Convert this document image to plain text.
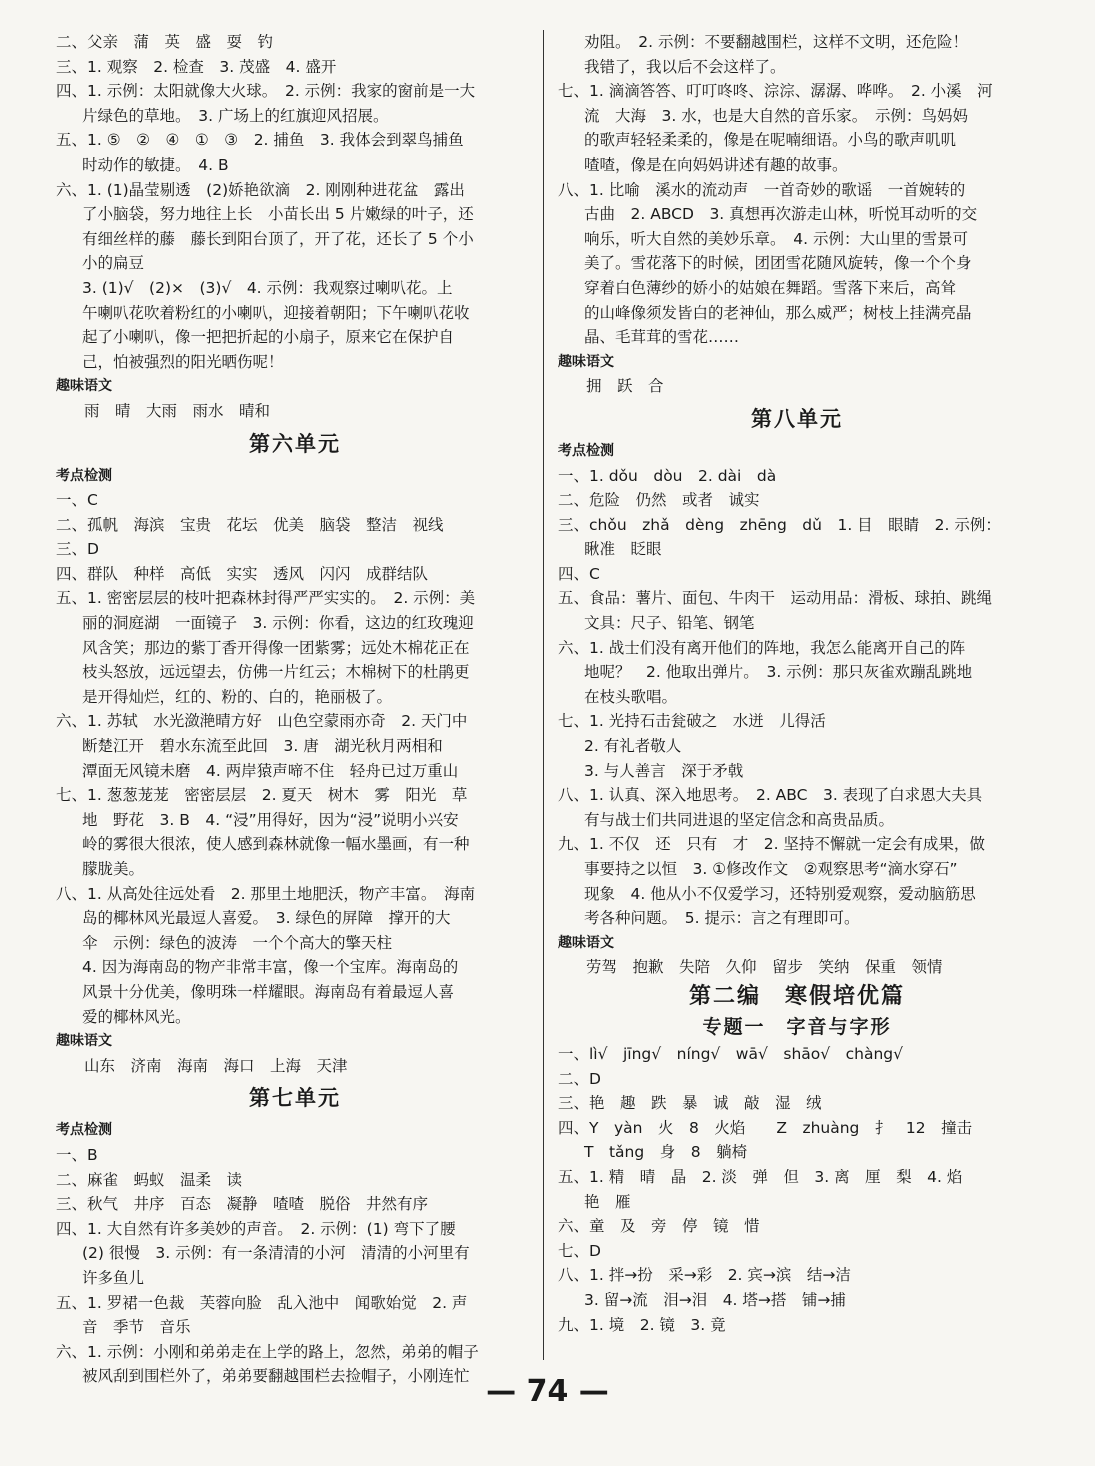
二、父亲　蒲　英　盛　耍　钓
三、1. 观察　2. 检查　3. 茂盛　4. 盛开
四、1. 示例：太阳就像大火球。　2. 示例：我家的窗前是一大
片绿色的草地。　3. 广场上的红旗迎风招展。
五、1. ⑤　②　④　①　③　2. 捕鱼　3. 我体会到翠鸟捕鱼
时动作的敏捷。　4. B
六、1. (1)晶莹剔透　(2)娇艳欲滴　2. 刚刚种进花盆　露出
了小脑袋，努力地往上长　小苗长出 5 片嫩绿的叶子，还
有细丝样的藤　藤长到阳台顶了，开了花，还长了 5 个小
小的扁豆
3. (1)√　(2)×　(3)√　4. 示例：我观察过喇叭花。上
午喇叭花吹着粉红的小喇叭，迎接着朝阳；下午喇叭花收
起了小喇叭，像一把把折起的小扇子，原来它在保护自
己，怕被强烈的阳光晒伤呢！
趣味语文
雨　晴　大雨　雨水　晴和
第六单元
考点检测
一、C
二、孤帆　海滨　宝贵　花坛　优美　脑袋　整洁　视线
三、D
四、群队　种样　高低　实实　透风　闪闪　成群结队
五、1. 密密层层的枝叶把森林封得严严实实的。　2. 示例：美
丽的洞庭湖　一面镜子　3. 示例：你看，这边的红玫瑰迎
风含笑；那边的紫丁香开得像一团紫雾；远处木棉花正在
枝头怒放，远远望去，仿佛一片红云；木棉树下的杜鹃更
是开得灿烂，红的、粉的、白的，艳丽极了。
六、1. 苏轼　水光潋滟晴方好　山色空蒙雨亦奇　2. 天门中
断楚江开　碧水东流至此回　3. 唐　湖光秋月两相和
潭面无风镜未磨　4. 两岸猿声啼不住　轻舟已过万重山
七、1. 葱葱茏茏　密密层层　2. 夏天　树木　雾　阳光　草
地　野花　3. B　4. “浸”用得好，因为“浸”说明小兴安
岭的雾很大很浓，使人感到森林就像一幅水墨画，有一种
朦胧美。
八、1. 从高处往远处看　2. 那里土地肥沃，物产丰富。　海南
岛的椰林风光最逗人喜爱。　3. 绿色的屏障　撑开的大
伞　示例：绿色的波涛　一个个高大的擎天柱
4. 因为海南岛的物产非常丰富，像一个宝库。海南岛的
风景十分优美，像明珠一样耀眼。海南岛有着最逗人喜
爱的椰林风光。
趣味语文
山东　济南　海南　海口　上海　天津
第七单元
考点检测
一、B
二、麻雀　蚂蚁　温柔　读
三、秋气　井序　百态　凝静　喳喳　脱俗　井然有序
四、1. 大自然有许多美妙的声音。　2. 示例：(1) 弯下了腰
(2) 很慢　3. 示例：有一条清清的小河　清清的小河里有
许多鱼儿
五、1. 罗裙一色裁　芙蓉向脸　乱入池中　闻歌始觉　2. 声
音　季节　音乐
六、1. 示例：小刚和弟弟走在上学的路上，忽然，弟弟的帽子
被风刮到围栏外了，弟弟要翻越围栏去捡帽子，小刚连忙
劝阻。　2. 示例：不要翻越围栏，这样不文明，还危险！
我错了，我以后不会这样了。
七、1. 滴滴答答、叮叮咚咚、淙淙、潺潺、哗哗。　2. 小溪　河
流　大海　3. 水，也是大自然的音乐家。　示例：鸟妈妈
的歌声轻轻柔柔的，像是在呢喃细语。小鸟的歌声叽叽
喳喳，像是在向妈妈讲述有趣的故事。
八、1. 比喻　溪水的流动声　一首奇妙的歌谣　一首婉转的
古曲　2. ABCD　3. 真想再次游走山林，听悦耳动听的交
响乐，听大自然的美妙乐章。　4. 示例：大山里的雪景可
美了。雪花落下的时候，团团雪花随风旋转，像一个个身
穿着白色薄纱的娇小的姑娘在舞蹈。雪落下来后，高耸
的山峰像须发皆白的老神仙，那么威严；树枝上挂满亮晶
晶、毛茸茸的雪花……
趣味语文
拥　跃　合
第八单元
考点检测
一、1. dǒu　dòu　2. dài　dà
二、危险　仍然　或者　诚实
三、chǒu　zhǎ　dèng　zhēng　dǔ　1. 目　眼睛　2. 示例：
瞅准　眨眼
四、C
五、食品：薯片、面包、牛肉干　运动用品：滑板、球拍、跳绳
文具：尺子、铅笔、钢笔
六、1. 战士们没有离开他们的阵地，我怎么能离开自己的阵
地呢？　2. 他取出弹片。　3. 示例：那只灰雀欢蹦乱跳地
在枝头歌唱。
七、1. 光持石击瓮破之　水迸　儿得活
2. 有礼者敬人
3. 与人善言　深于矛戟
八、1. 认真、深入地思考。　2. ABC　3. 表现了白求恩大夫具
有与战士们共同进退的坚定信念和高贵品质。
九、1. 不仅　还　只有　才　2. 坚持不懈就一定会有成果，做
事要持之以恒　3. ①修改作文　②观察思考“滴水穿石”
现象　4. 他从小不仅爱学习，还特别爱观察，爱动脑筋思
考各种问题。　5. 提示：言之有理即可。
趣味语文
劳驾　抱歉　失陪　久仰　留步　笑纳　保重　领情
第二编　寒假培优篇
专题一　字音与字形
一、lì√　jīng√　níng√　wā√　shāo√　chàng√
二、D
三、艳　趣　跌　暴　诚　敲　湿　绒
四、Y　yàn　火　8　火焰　　Z　zhuàng　扌　12　撞击
T　tǎng　身　8　躺椅
五、1. 精　晴　晶　2. 淡　弹　但　3. 离　厘　梨　4. 焰
艳　雁
六、童　及　旁　停　镜　惜
七、D
八、1. 拌→扮　采→彩　2. 宾→滨　结→洁
3. 留→流　泪→泪　4. 塔→搭　铺→捕
九、1. 境　2. 镜　3. 竟
— 74 —
